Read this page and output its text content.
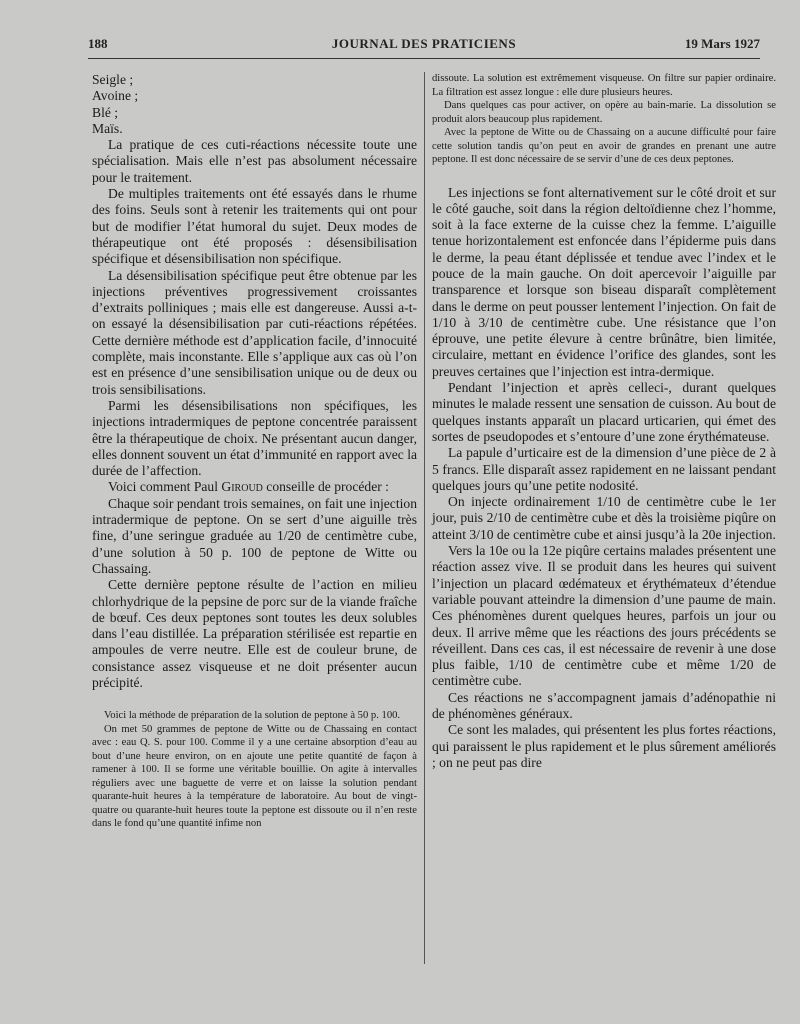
188	JOURNAL DES PRATICIENS	19 Mars 1927

Seigle ;

Avoine ;

Blé ;

Maïs.

La pratique de ces cuti-réactions nécessite toute une spécialisation. Mais elle n’est pas absolument nécessaire pour le traitement.

De multiples traitements ont été essayés dans le rhume des foins. Seuls sont à retenir les traitements qui ont pour but de modifier l’état humoral du sujet. Deux modes de thérapeutique ont été proposés : désensibilisation spécifique et désensibilisation non spécifique.

La désensibilisation spécifique peut être obtenue par les injections préventives progressivement croissantes d’extraits polliniques ; mais elle est dangereuse. Aussi a-t-on essayé la désensibilisation par cuti-réactions répétées. Cette dernière méthode est d’application facile, d’innocuité complète, mais inconstante. Elle s’applique aux cas où l’on est en présence d’une sensibilisation unique ou de deux ou trois sensibilisations.

Parmi les désensibilisations non spécifiques, les injections intradermiques de peptone concentrée paraissent être la thérapeutique de choix. Ne présentant aucun danger, elles donnent souvent un état d’immunité en rapport avec la durée de l’affection.

Voici comment Paul Giroud conseille de procéder :

Chaque soir pendant trois semaines, on fait une injection intradermique de peptone. On se sert d’une aiguille très fine, d’une seringue graduée au 1/20 de centimètre cube, d’une solution à 50 p. 100 de peptone de Witte ou Chassaing.

Cette dernière peptone résulte de l’action en milieu chlorhydrique de la pepsine de porc sur de la viande fraîche de bœuf. Ces deux peptones sont toutes les deux solubles dans l’eau distillée. La préparation stérilisée est repartie en ampoules de verre neutre. Elle est de couleur brune, de consistance assez visqueuse et ne doit présenter aucun précipité.

Voici la méthode de préparation de la solution de peptone à 50 p. 100.

On met 50 grammes de peptone de Witte ou de Chassaing en contact avec : eau Q. S. pour 100. Comme il y a une certaine absorption d’eau au bout d’une heure environ, on en ajoute une petite quantité de façon à ramener à 100. Il se forme une véritable bouillie. On agite à intervalles réguliers avec une baguette de verre et on laisse la solution pendant quarante-huit heures à la température de laboratoire. Au bout de vingt-quatre ou quarante-huit heures toute la peptone est dissoute ou il n’en reste dans le fond qu’une quantité infime non

dissoute. La solution est extrêmement visqueuse. On filtre sur papier ordinaire. La filtration est assez longue : elle dure plusieurs heures.

Dans quelques cas pour activer, on opère au bain-marie. La dissolution se produit alors beaucoup plus rapidement.

Avec la peptone de Witte ou de Chassaing on a aucune difficulté pour faire cette solution tandis qu’on peut en avoir de grandes en prenant une autre peptone. Il est donc nécessaire de se servir d’une de ces deux peptones.

Les injections se font alternativement sur le côté droit et sur le côté gauche, soit dans la région deltoïdienne chez l’homme, soit à la face externe de la cuisse chez la femme. L’aiguille tenue horizontalement est enfoncée dans l’épiderme puis dans le derme, la peau étant déplissée et tendue avec l’index et le pouce de la main gauche. On doit apercevoir l’aiguille par transparence et lorsque son biseau disparaît complètement dans le derme on peut pousser lentement l’injection. On fait de 1/10 à 3/10 de centimètre cube. Une résistance que l’on éprouve, une petite élevure à centre brûnâtre, bien limitée, circulaire, mettant en évidence l’orifice des glandes, sont les preuves certaines que l’injection est intra-dermique.

Pendant l’injection et après celleci-, durant quelques minutes le malade ressent une sensation de cuisson. Au bout de quelques instants apparaît un placard urticarien, qui émet des sortes de pseudopodes et s’entoure d’une zone érythémateuse.

La papule d’urticaire est de la dimension d’une pièce de 2 à 5 francs. Elle disparaît assez rapidement en ne laissant pendant quelques jours qu’une petite nodosité.

On injecte ordinairement 1/10 de centimètre cube le 1er jour, puis 2/10 de centimètre cube et dès la troisième piqûre on atteint 3/10 de centimètre cube et ainsi jusqu’à la 20e injection.

Vers la 10e ou la 12e piqûre certains malades présentent une réaction assez vive. Il se produit dans les heures qui suivent l’injection un placard œdémateux et érythémateux d’étendue variable pouvant atteindre la dimension d’une paume de main. Ces phénomènes durent quelques heures, parfois un jour ou deux. Il arrive même que les réactions des jours précédents se réveillent. Dans ces cas, il est nécessaire de revenir à une dose plus faible, 1/10 de centimètre cube et même 1/20 de centimètre cube.

Ces réactions ne s’accompagnent jamais d’adénopathie ni de phénomènes généraux.

Ce sont les malades, qui présentent les plus fortes réactions, qui paraissent le plus rapidement et le plus sûrement améliorés ; on ne peut pas dire
